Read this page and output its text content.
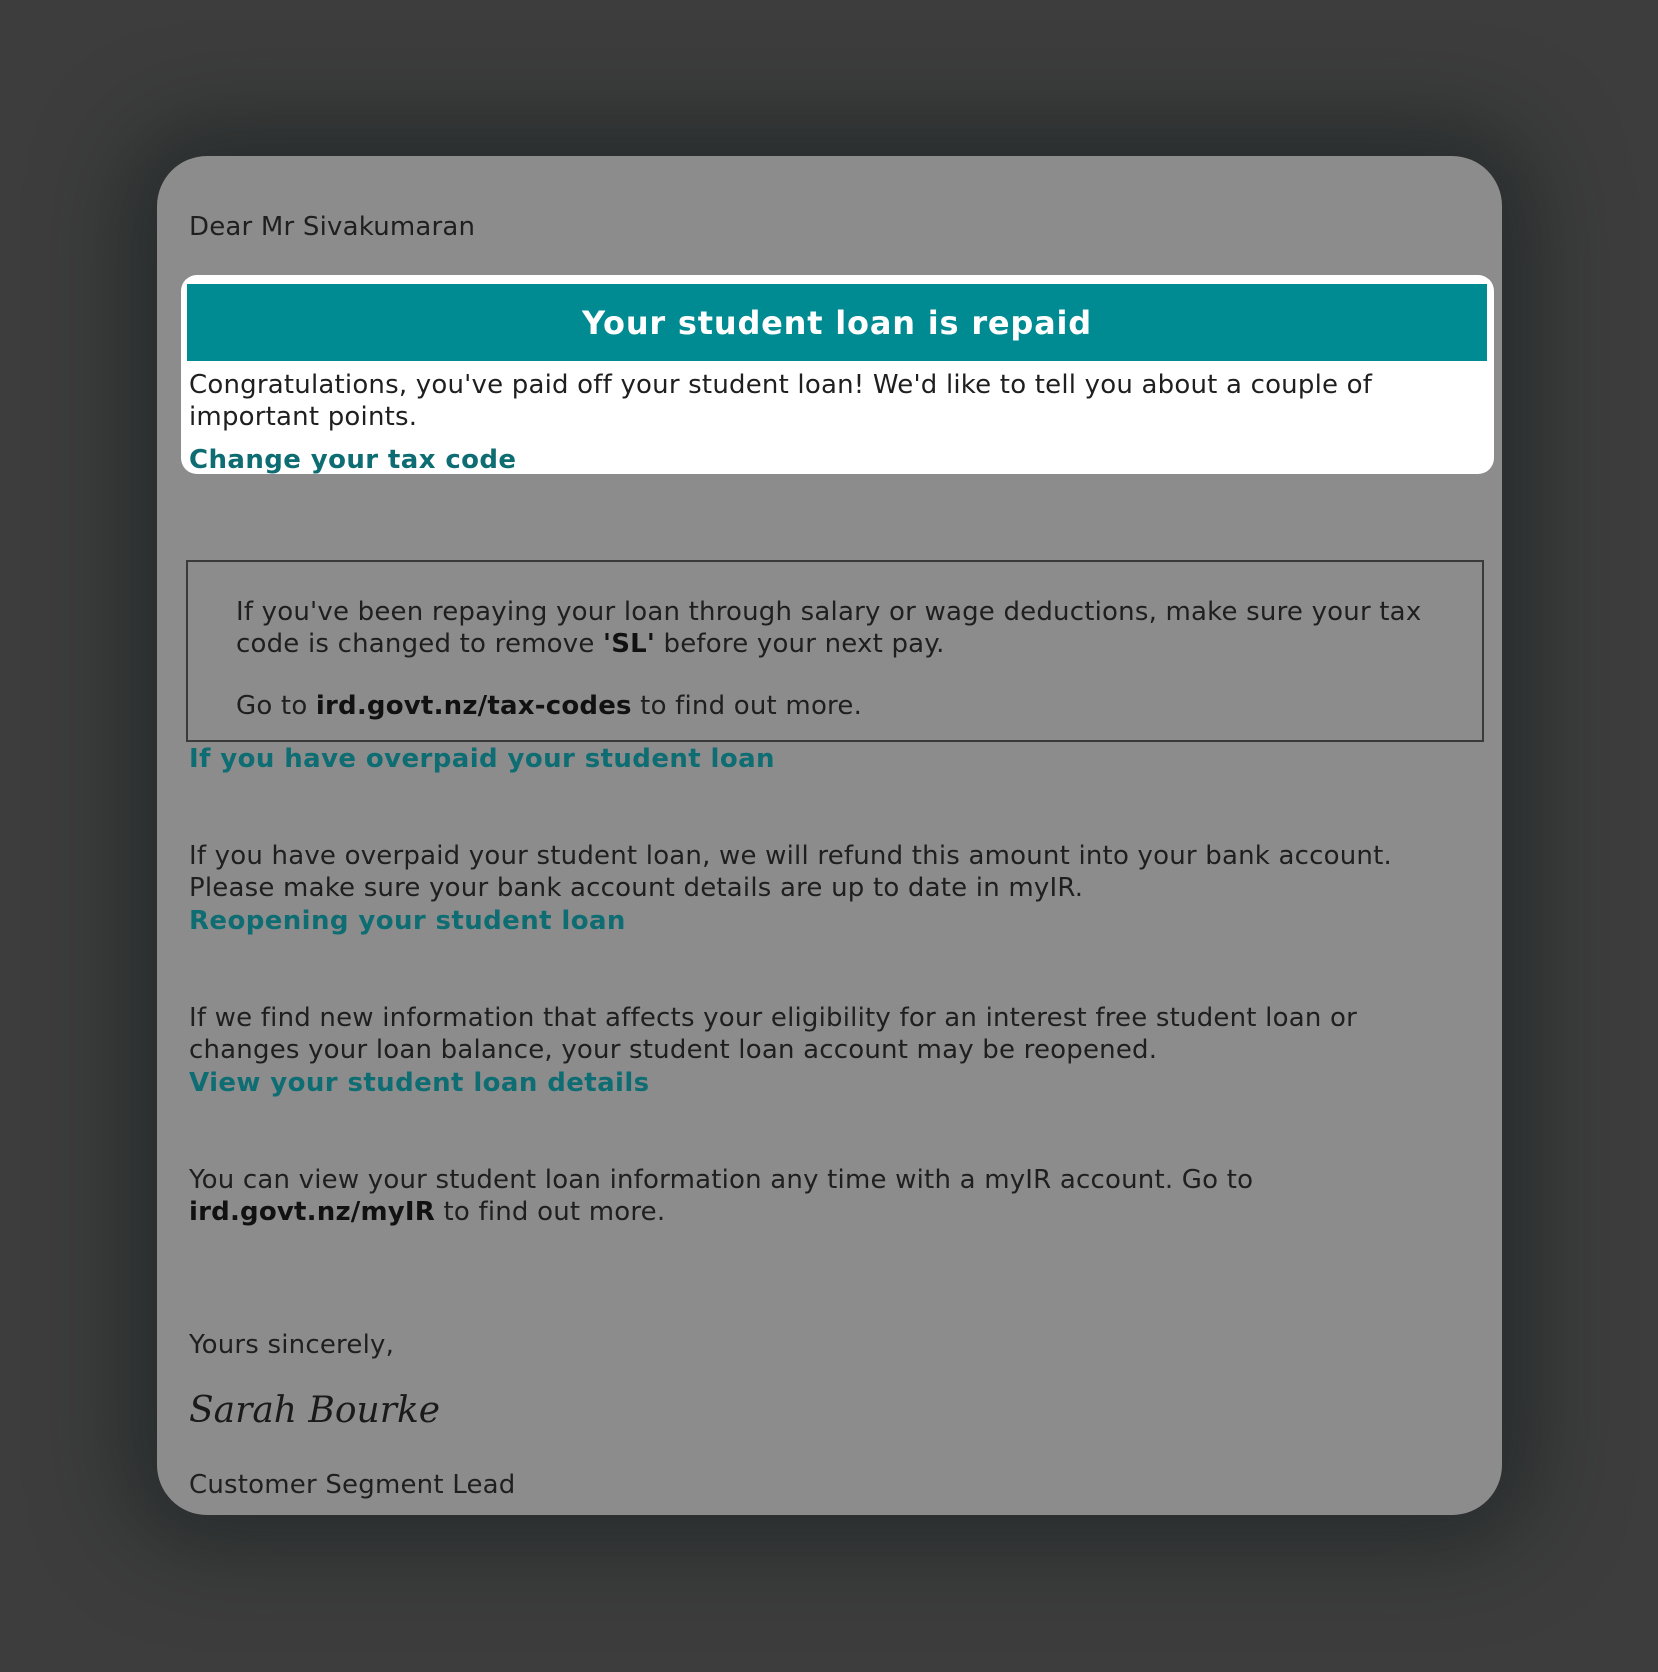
Dear Mr Sivakumaran

Your student loan is repaid

Congratulations, you've paid off your student loan! We'd like to tell you about a couple of important points.

Change your tax code

If you've been repaying your loan through salary or wage deductions, make sure your tax code is changed to remove 'SL' before your next pay.

Go to ird.govt.nz/tax-codes to find out more.

If you have overpaid your student loan

If you have overpaid your student loan, we will refund this amount into your bank account. Please make sure your bank account details are up to date in myIR.

Reopening your student loan

If we find new information that affects your eligibility for an interest free student loan or changes your loan balance, your student loan account may be reopened.

View your student loan details

You can view your student loan information any time with a myIR account. Go to ird.govt.nz/myIR to find out more.

Yours sincerely,

Sarah Bourke

Customer Segment Lead
